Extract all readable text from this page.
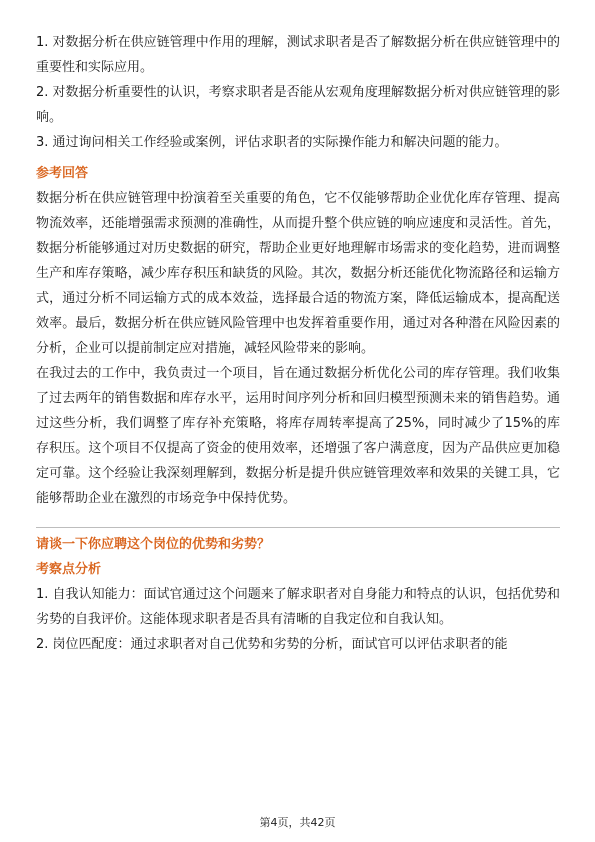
1. 对数据分析在供应链管理中作用的理解，测试求职者是否了解数据分析在供应链管理中的重要性和实际应用。

2. 对数据分析重要性的认识，考察求职者是否能从宏观角度理解数据分析对供应链管理的影响。

3. 通过询问相关工作经验或案例，评估求职者的实际操作能力和解决问题的能力。

参考回答

数据分析在供应链管理中扮演着至关重要的角色，它不仅能够帮助企业优化库存管理、提高物流效率，还能增强需求预测的准确性，从而提升整个供应链的响应速度和灵活性。首先，数据分析能够通过对历史数据的研究，帮助企业更好地理解市场需求的变化趋势，进而调整生产和库存策略，减少库存积压和缺货的风险。其次，数据分析还能优化物流路径和运输方式，通过分析不同运输方式的成本效益，选择最合适的物流方案，降低运输成本，提高配送效率。最后，数据分析在供应链风险管理中也发挥着重要作用，通过对各种潜在风险因素的分析，企业可以提前制定应对措施，减轻风险带来的影响。

在我过去的工作中，我负责过一个项目，旨在通过数据分析优化公司的库存管理。我们收集了过去两年的销售数据和库存水平，运用时间序列分析和回归模型预测未来的销售趋势。通过这些分析，我们调整了库存补充策略，将库存周转率提高了25%，同时减少了15%的库存积压。这个项目不仅提高了资金的使用效率，还增强了客户满意度，因为产品供应更加稳定可靠。这个经验让我深刻理解到，数据分析是提升供应链管理效率和效果的关键工具，它能够帮助企业在激烈的市场竞争中保持优势。

请谈一下你应聘这个岗位的优势和劣势？

考察点分析

1. 自我认知能力：面试官通过这个问题来了解求职者对自身能力和特点的认识，包括优势和劣势的自我评价。这能体现求职者是否具有清晰的自我定位和自我认知。

2. 岗位匹配度：通过求职者对自己优势和劣势的分析，面试官可以评估求职者的能

第4页，共42页
